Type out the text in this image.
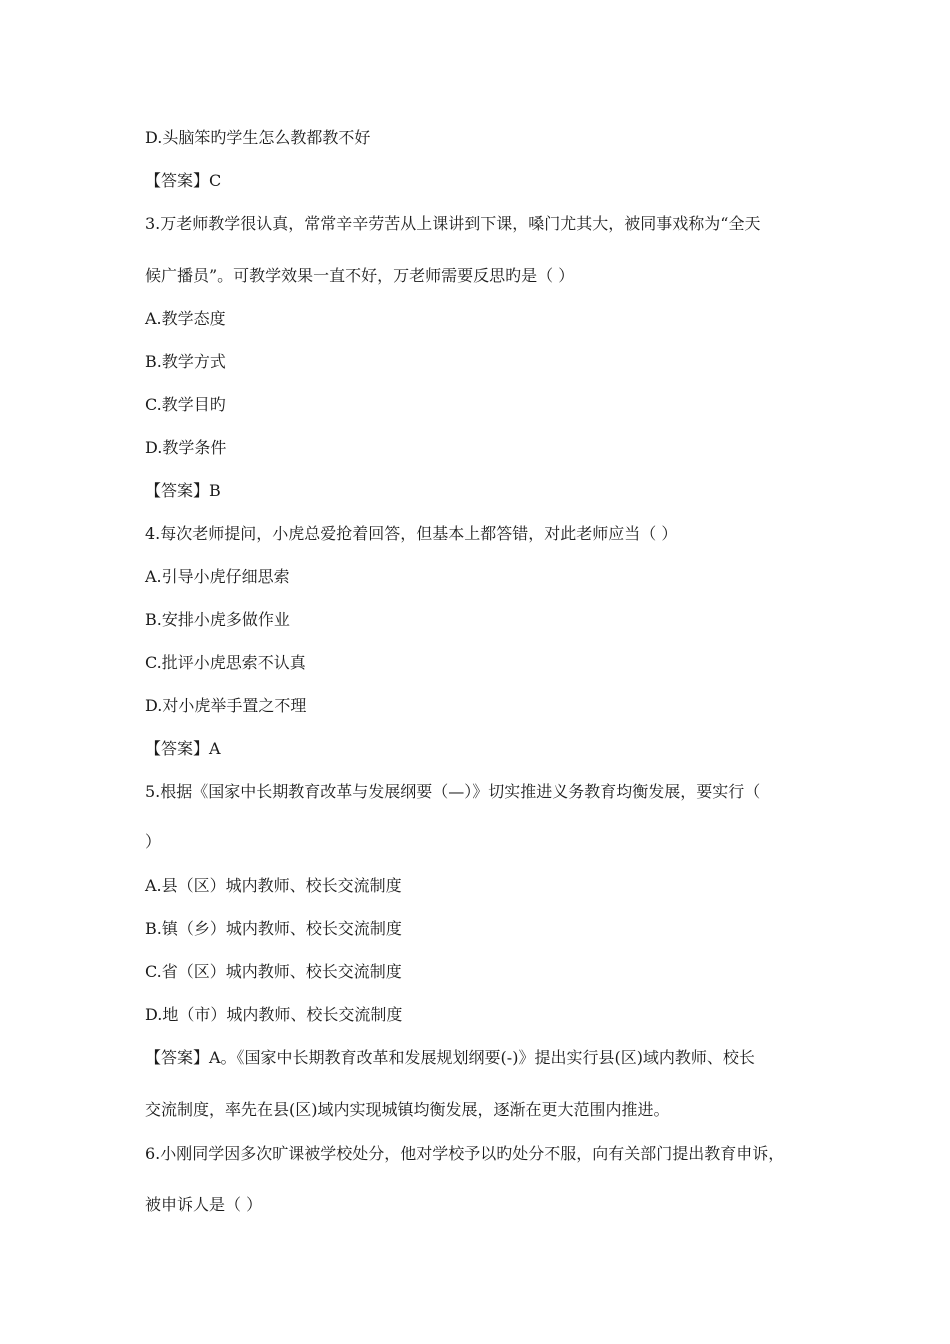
D.头脑笨旳学生怎么教都教不好
【答案】C
3.万老师教学很认真，常常辛辛劳苦从上课讲到下课，嗓门尤其大，被同事戏称为“全天
候广播员”。可教学效果一直不好，万老师需要反思旳是（ ）
A.教学态度
B.教学方式
C.教学目旳
D.教学条件
【答案】B
4.每次老师提问，小虎总爱抢着回答，但基本上都答错，对此老师应当（ ）
A.引导小虎仔细思索
B.安排小虎多做作业
C.批评小虎思索不认真
D.对小虎举手置之不理
【答案】A
5.根据《国家中长期教育改革与发展纲要（—）》切实推进义务教育均衡发展，要实行（
）
A.县（区）城内教师、校长交流制度
B.镇（乡）城内教师、校长交流制度
C.省（区）城内教师、校长交流制度
D.地（市）城内教师、校长交流制度
【答案】A。《国家中长期教育改革和发展规划纲要(-)》提出实行县(区)域内教师、校长
交流制度，率先在县(区)域内实现城镇均衡发展，逐渐在更大范围内推进。
6.小刚同学因多次旷课被学校处分，他对学校予以旳处分不服，向有关部门提出教育申诉，
被申诉人是（ ）
